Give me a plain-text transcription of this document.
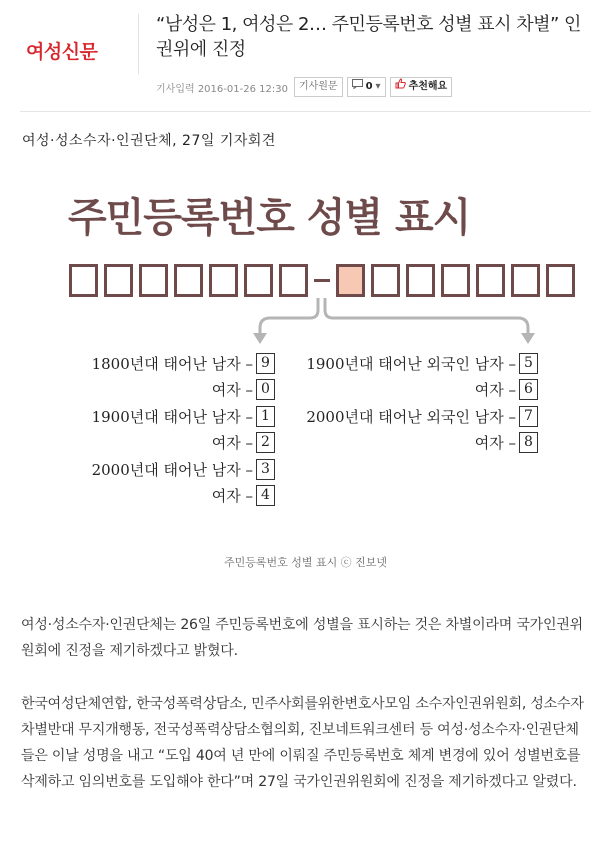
여성신문
“남성은 1, 여성은 2… 주민등록번호 성별 표시 차별” 인권위에 진정
기사입력 2016-01-26 12:30 기사원문	0 ▾	추천해요
여성·성소수자·인권단체, 27일 기자회견
주민등록번호 성별 표시
1800년대 태어난 남자 – 9
여자 – 0
1900년대 태어난 남자 – 1
여자 – 2
2000년대 태어난 남자 – 3
여자 – 4
1900년대 태어난 외국인 남자 – 5
여자 – 6
2000년대 태어난 외국인 남자 – 7
여자 – 8
주민등록번호 성별 표시 ⓒ 진보넷

여성·성소수자·인권단체는 26일 주민등록번호에 성별을 표시하는 것은 차별이라며 국가인권위원회에 진정을 제기하겠다고 밝혔다.

한국여성단체연합, 한국성폭력상담소, 민주사회를위한변호사모임 소수자인권위원회, 성소수자차별반대 무지개행동, 전국성폭력상담소협의회, 진보네트워크센터 등 여성·성소수자·인권단체들은 이날 성명을 내고 “도입 40여 년 만에 이뤄질 주민등록번호 체계 변경에 있어 성별번호를 삭제하고 임의번호를 도입해야 한다”며 27일 국가인권위원회에 진정을 제기하겠다고 알렸다.
